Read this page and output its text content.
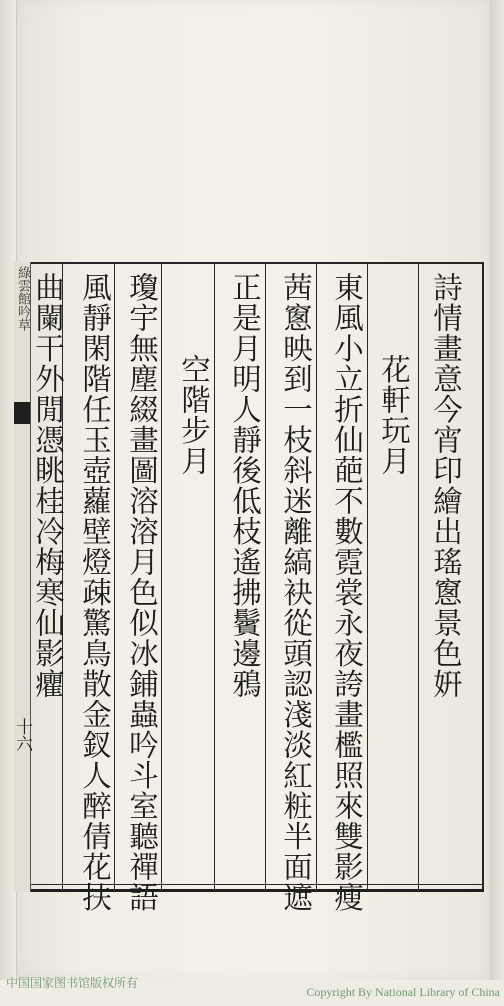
綠雲館吟草
十六
詩情畫意今宵印繪出瑤窻景色姸
花軒玩月
東風小立折仙葩不數霓裳永夜誇畫檻照來雙影瘦
茜窻映到一枝斜迷離縞袂從頭認淺淡紅粧半面遮
正是月明人靜後低枝遙拂鬢邊鴉
空階步月
瓊宇無塵綴畫圖溶溶月色似冰鋪蟲吟斗室聽禪語
風靜閑階任玉壺蘿壁燈疎驚鳥散金釵人醉倩花扶
曲闌干外閒憑眺桂冷梅寒仙影癯
中国国家图书馆版权所有
Copyright By National Library of China
